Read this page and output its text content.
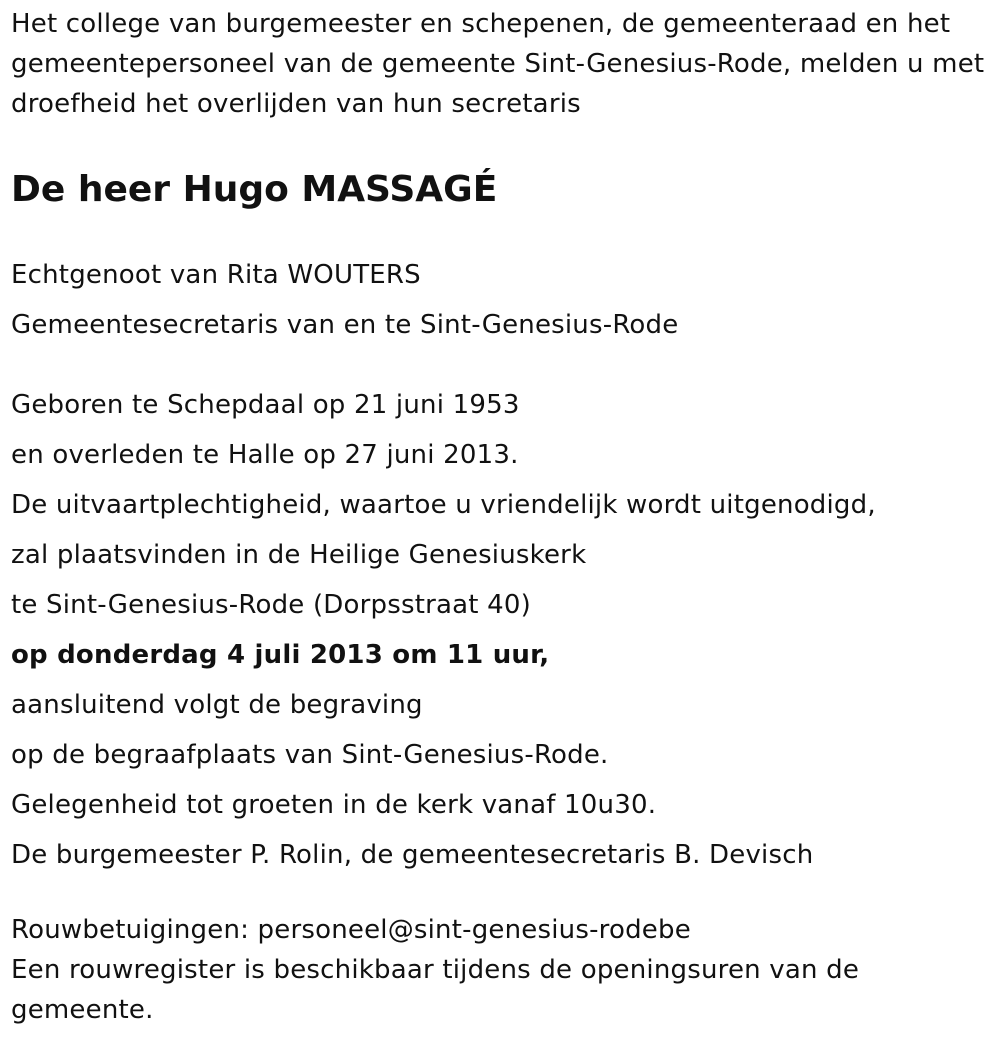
Het college van burgemeester en schepenen, de gemeenteraad en het gemeentepersoneel van de gemeente Sint-Genesius-Rode, melden u met droefheid het overlijden van hun secretaris

De heer Hugo MASSAGÉ

Echtgenoot van Rita WOUTERS

Gemeentesecretaris van en te Sint-Genesius-Rode

Geboren te Schepdaal op 21 juni 1953

en overleden te Halle op 27 juni 2013.

De uitvaartplechtigheid, waartoe u vriendelijk wordt uitgenodigd,

zal plaatsvinden in de Heilige Genesiuskerk

te Sint-Genesius-Rode (Dorpsstraat 40)

op donderdag 4 juli 2013 om 11 uur,

aansluitend volgt de begraving

op de begraafplaats van Sint-Genesius-Rode.

Gelegenheid tot groeten in de kerk vanaf 10u30.

De burgemeester P. Rolin, de gemeentesecretaris B. Devisch

Rouwbetuigingen: personeel@sint-genesius-rodebe

Een rouwregister is beschikbaar tijdens de openingsuren van de gemeente.
